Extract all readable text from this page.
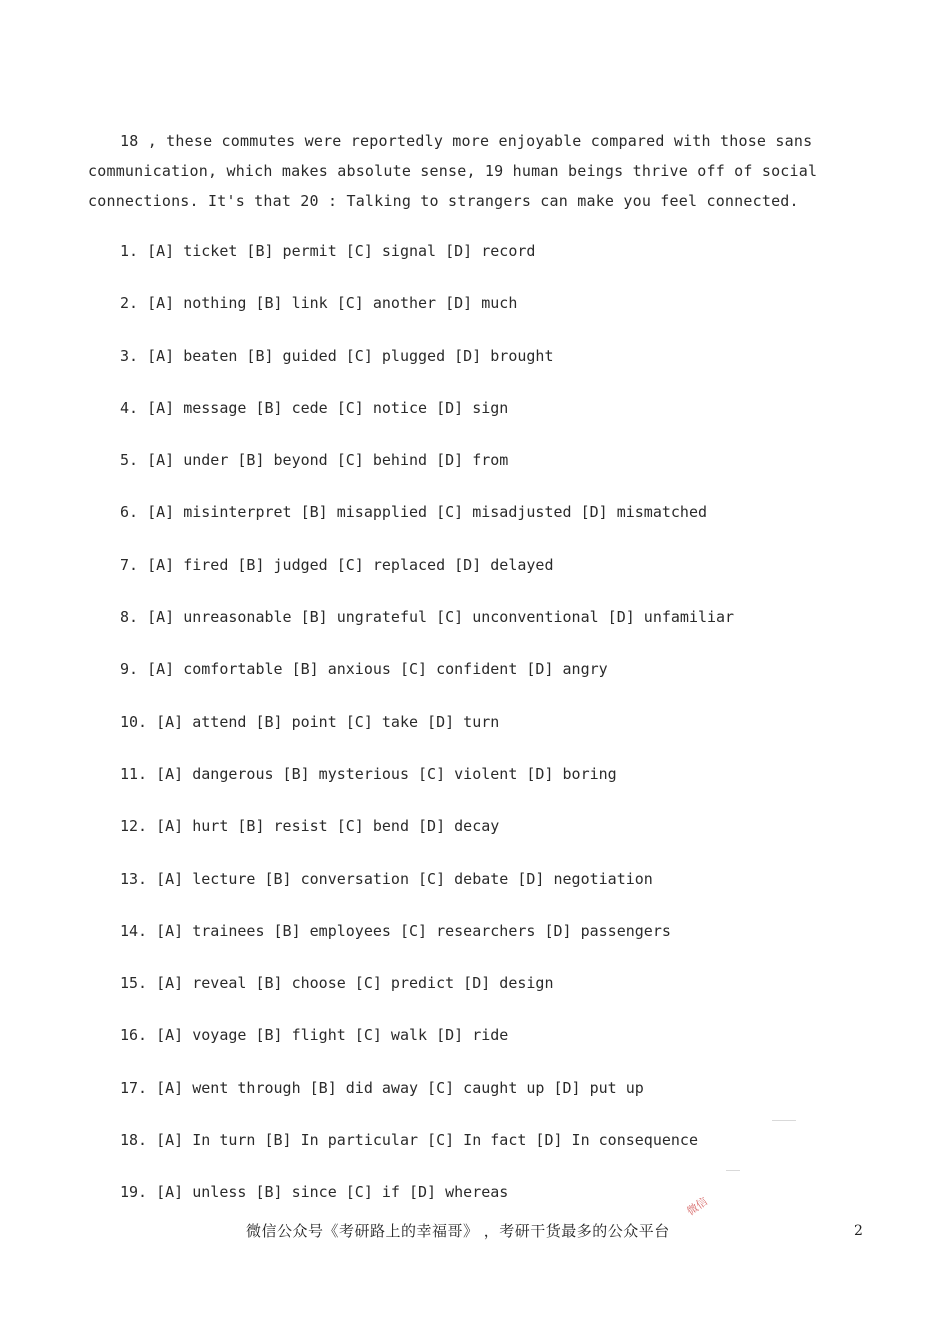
18 , these commutes were reportedly more enjoyable compared with those sans communication, which makes absolute sense, 19 human beings thrive off of social connections. It's that 20 : Talking to strangers can make you feel connected.

1. [A] ticket [B] permit [C] signal [D] record
2. [A] nothing [B] link [C] another [D] much
3. [A] beaten [B] guided [C] plugged [D] brought
4. [A] message [B] cede [C] notice [D] sign
5. [A] under [B] beyond [C] behind [D] from
6. [A] misinterpret [B] misapplied [C] misadjusted [D] mismatched
7. [A] fired [B] judged [C] replaced [D] delayed
8. [A] unreasonable [B] ungrateful [C] unconventional [D] unfamiliar
9. [A] comfortable [B] anxious [C] confident [D] angry
10. [A] attend [B] point [C] take [D] turn
11. [A] dangerous [B] mysterious [C] violent [D] boring
12. [A] hurt [B] resist [C] bend [D] decay
13. [A] lecture [B] conversation [C] debate [D] negotiation
14. [A] trainees [B] employees [C] researchers [D] passengers
15. [A] reveal [B] choose [C] predict [D] design
16. [A] voyage [B] flight [C] walk [D] ride
17. [A] went through [B] did away [C] caught up [D] put up
18. [A] In turn [B] In particular [C] In fact [D] In consequence
19. [A] unless [B] since [C] if [D] whereas
微信
微信公众号《考研路上的幸福哥》 ，考研干货最多的公众平台	2
